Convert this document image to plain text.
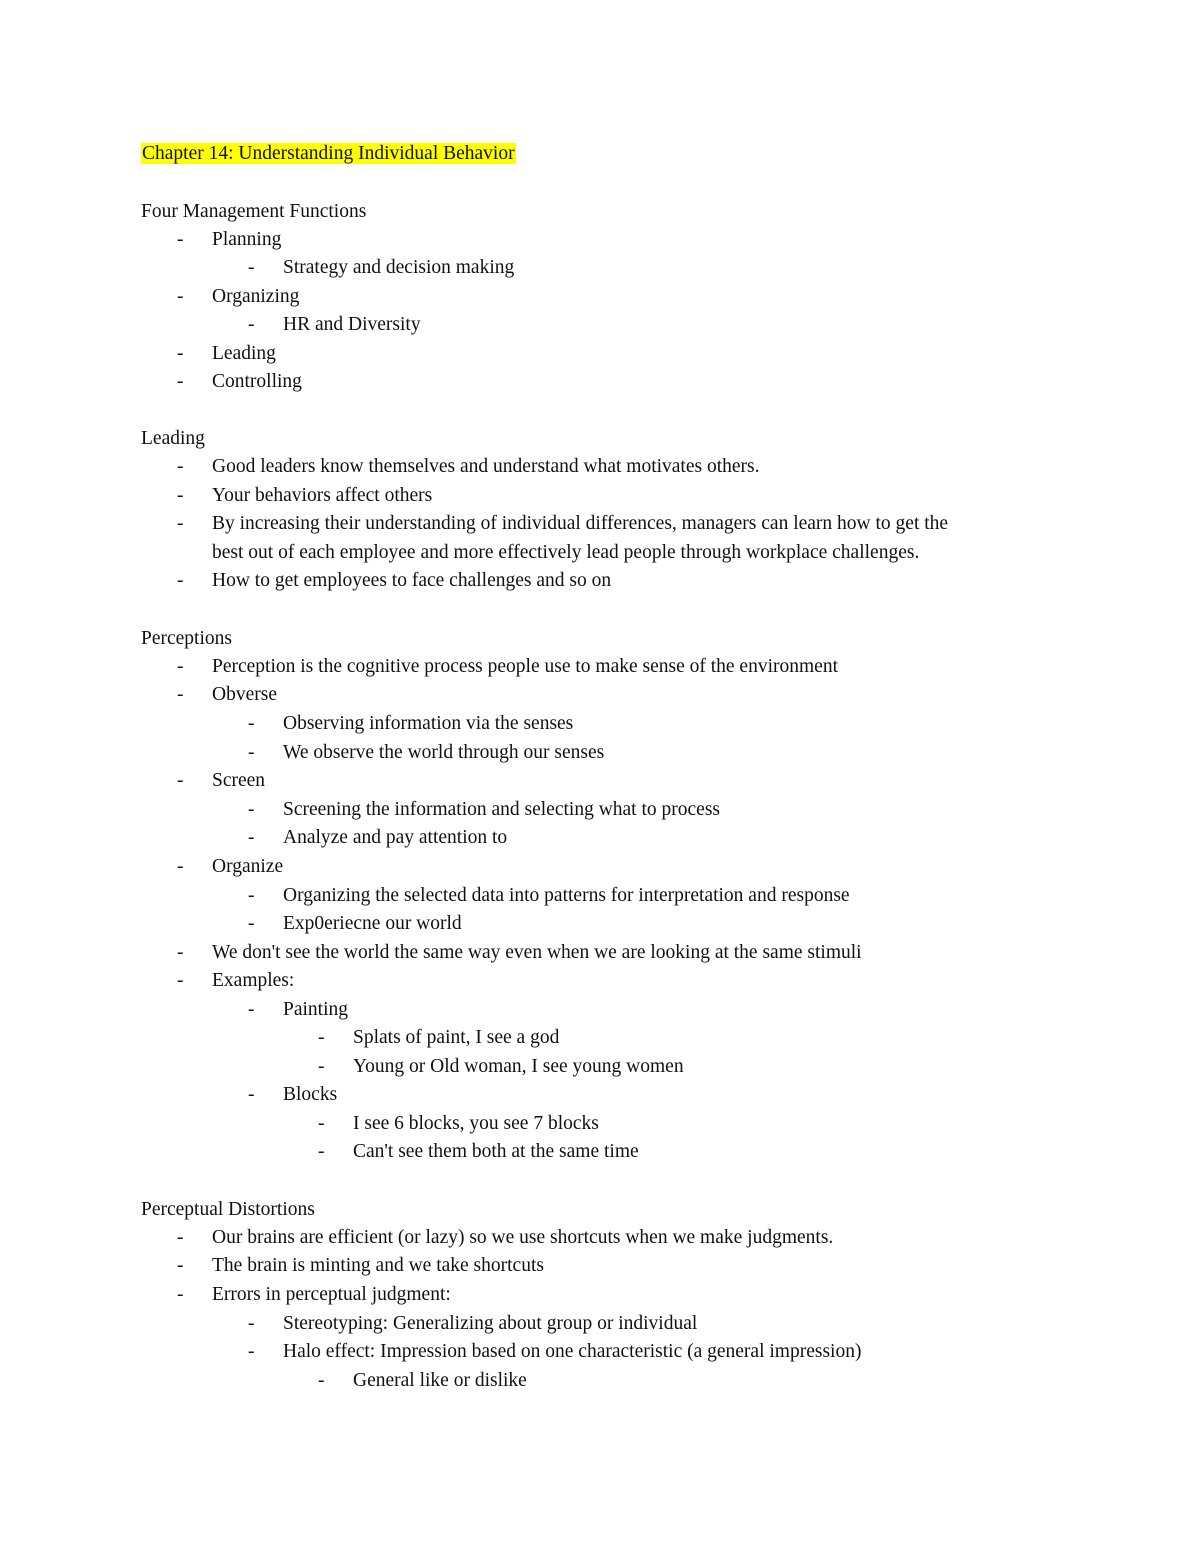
Chapter 14: Understanding Individual Behavior
Four Management Functions
- Planning
- Strategy and decision making
- Organizing
- HR and Diversity
- Leading
- Controlling
Leading
- Good leaders know themselves and understand what motivates others.
- Your behaviors affect others
- By increasing their understanding of individual differences, managers can learn how to get the
best out of each employee and more effectively lead people through workplace challenges.
- How to get employees to face challenges and so on
Perceptions
- Perception is the cognitive process people use to make sense of the environment
- Obverse
- Observing information via the senses
- We observe the world through our senses
- Screen
- Screening the information and selecting what to process
- Analyze and pay attention to
- Organize
- Organizing the selected data into patterns for interpretation and response
- Exp0eriecne our world
- We don't see the world the same way even when we are looking at the same stimuli
- Examples:
- Painting
- Splats of paint, I see a god
- Young or Old woman, I see young women
- Blocks
- I see 6 blocks, you see 7 blocks
- Can't see them both at the same time
Perceptual Distortions
- Our brains are efficient (or lazy) so we use shortcuts when we make judgments.
- The brain is minting and we take shortcuts
- Errors in perceptual judgment:
- Stereotyping: Generalizing about group or individual
- Halo effect: Impression based on one characteristic (a general impression)
- General like or dislike
